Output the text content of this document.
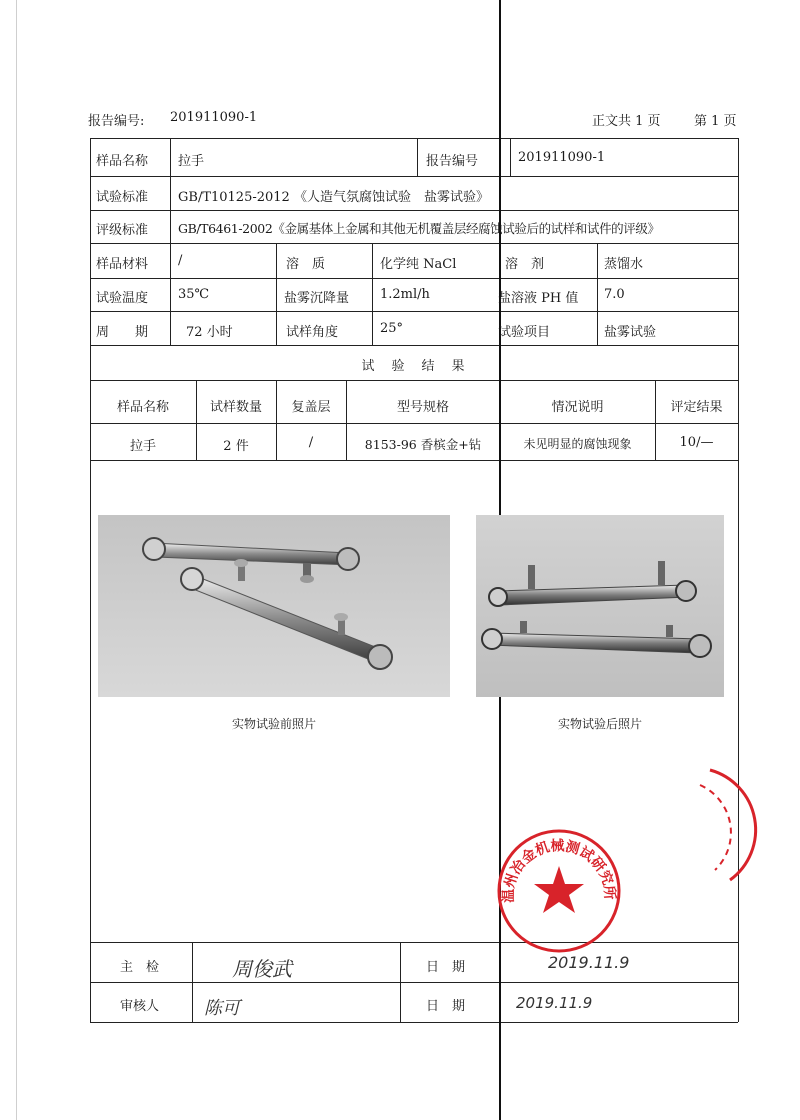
报告编号: 201911090-1	正文共 1 页	第 1 页
样品名称 拉手	报告编号	201911090-1
试验标准 GB/T10125-2012 《人造气氛腐蚀试验　盐雾试验》
评级标准 GB/T6461-2002《金属基体上金属和其他无机覆盖层经腐蚀试验后的试样和试件的评级》
样品材料 /	溶　质	化学纯 NaCl	溶　剂	蒸馏水
试验温度 35℃	盐雾沉降量 1.2ml/h	盐溶液 PH 值 7.0
周　　期	72 小时	试样角度	25°	试验项目	盐雾试验
试　验　结　果
样品名称	试样数量	复盖层	型号规格	情况说明	评定结果
拉手	2 件	/	8153-96 香槟金+钻	未见明显的腐蚀现象	10/—
实物试验前照片	实物试验后照片
温州冶金机械测试研究所
主　检	周俊武	日　期	2019.11.9
审核人 陈可	日　期	2019.11.9
